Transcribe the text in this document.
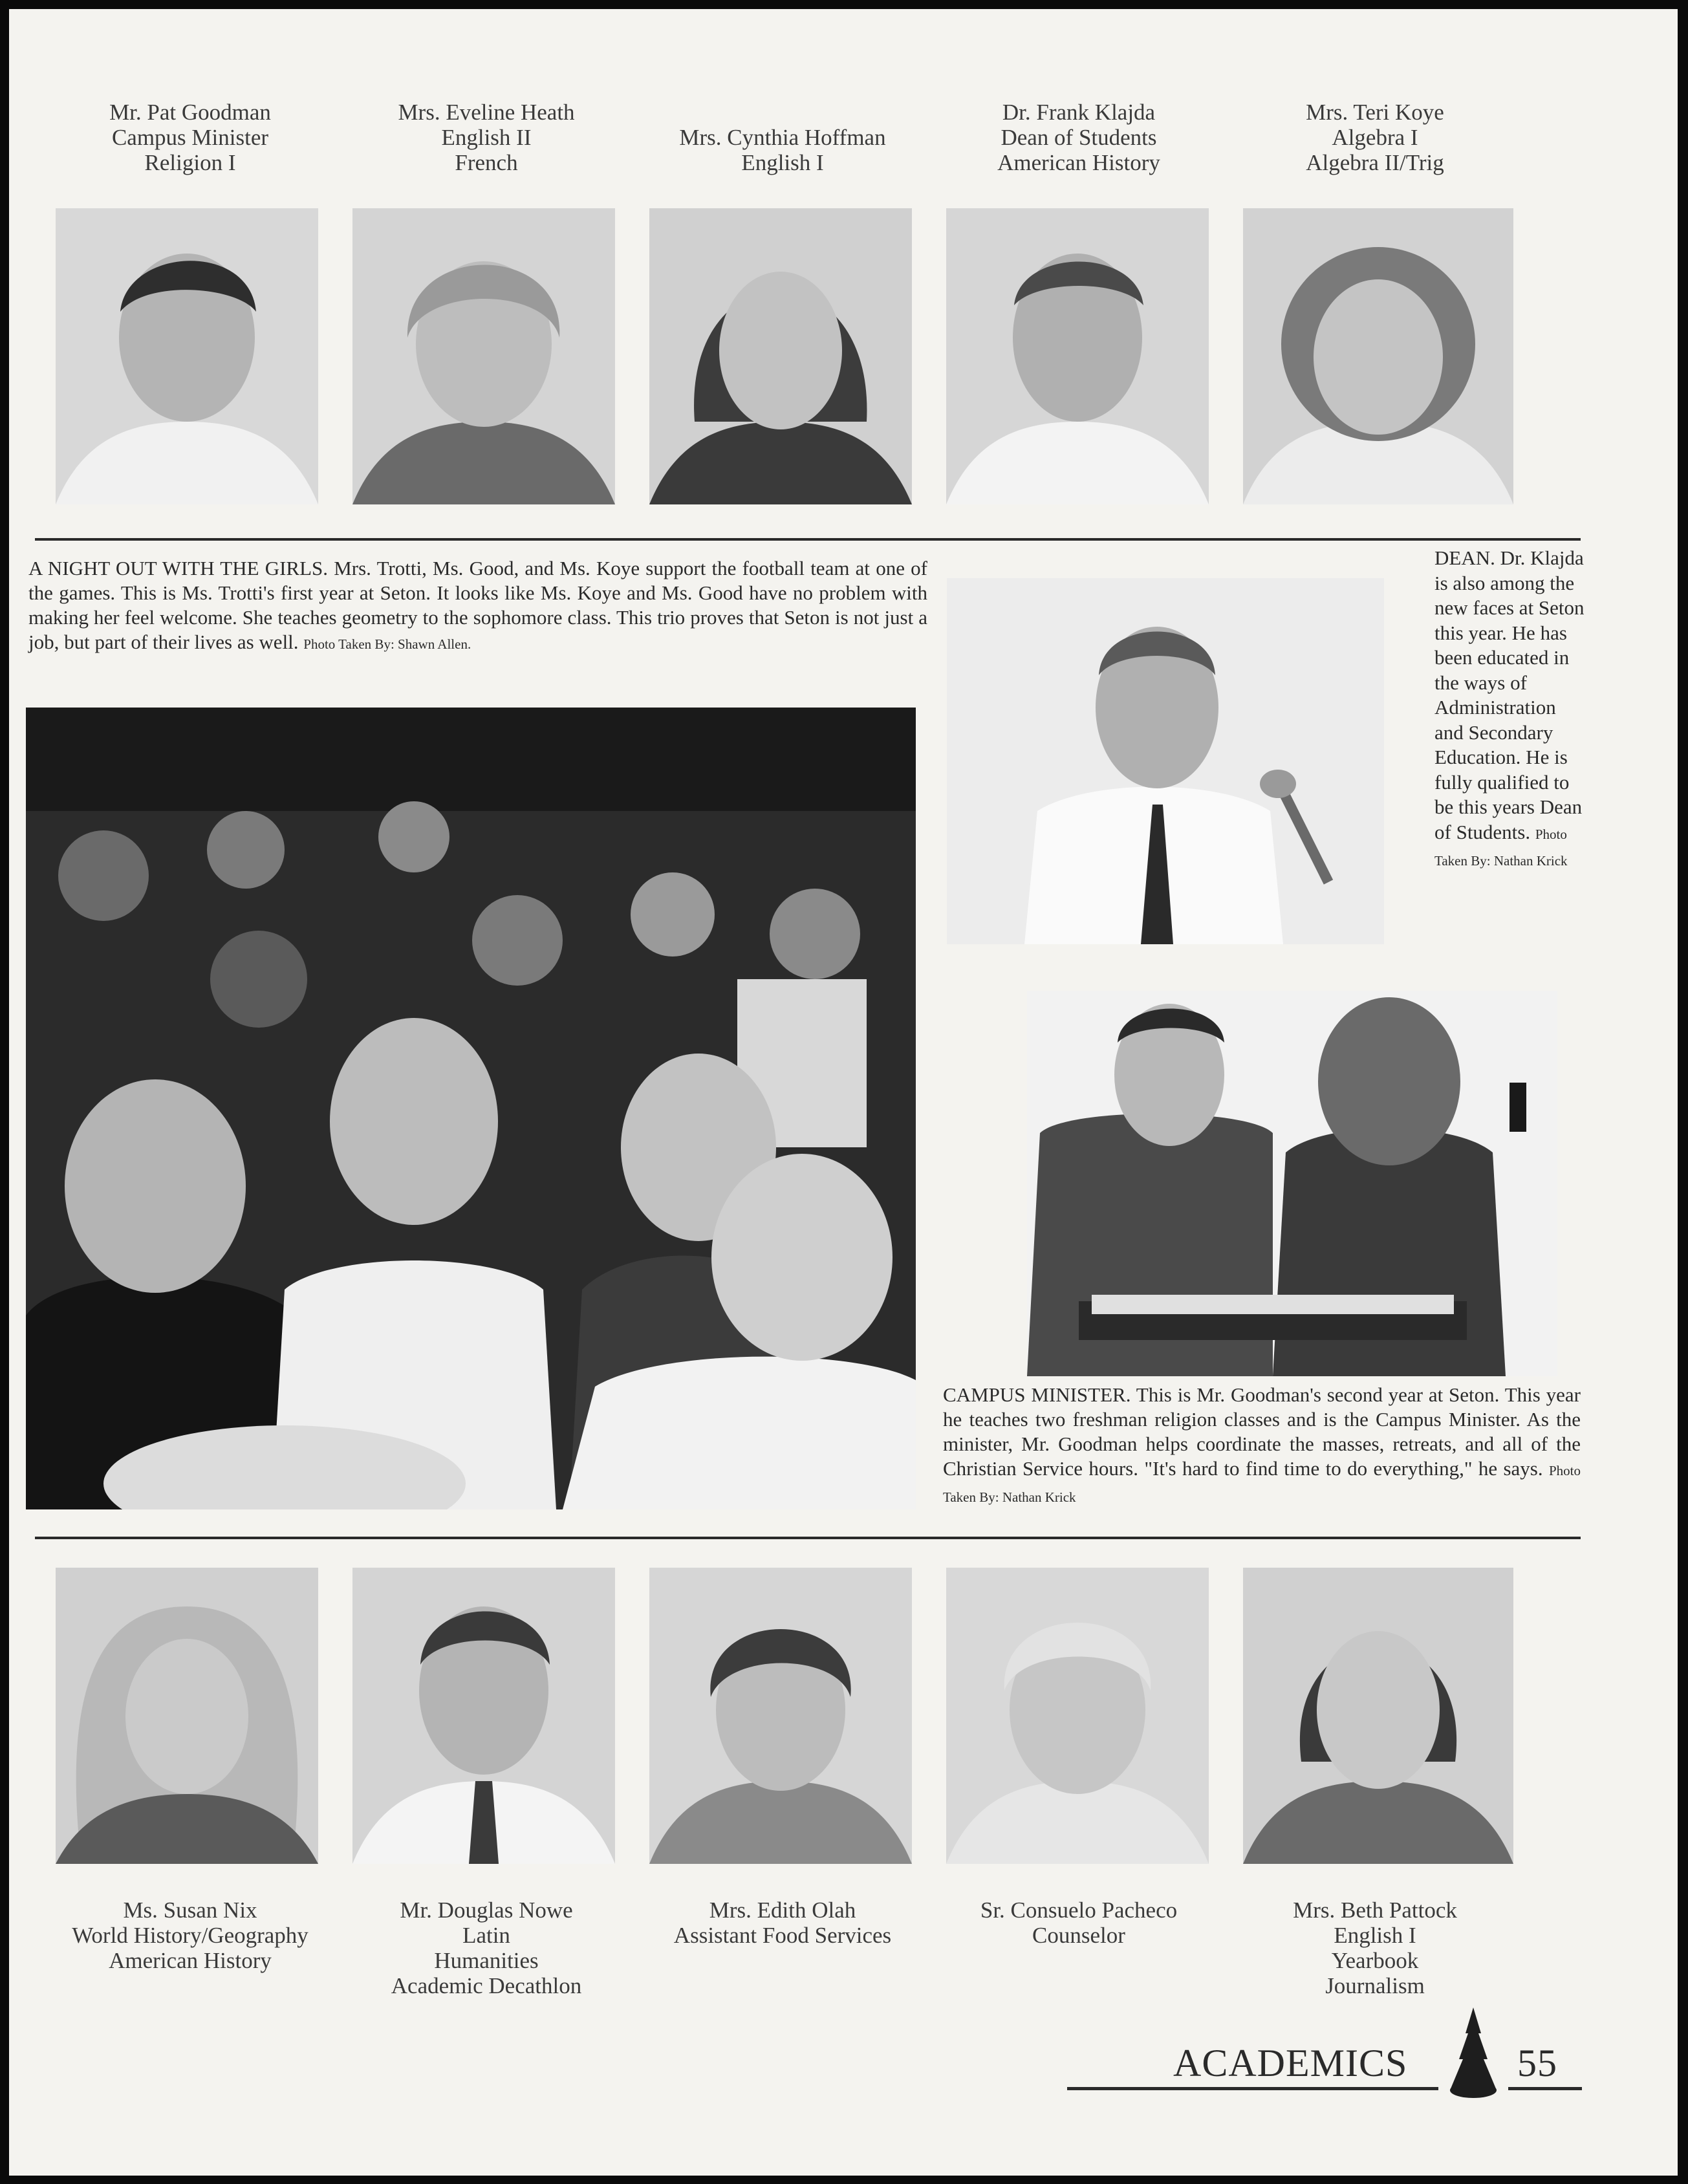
Mr. Pat Goodman
Campus Minister
Religion I
Mrs. Eveline Heath
English II
French
Mrs. Cynthia Hoffman
English I
Dr. Frank Klajda
Dean of Students
American History
Mrs. Teri Koye
Algebra I
Algebra II/Trig
A NIGHT OUT WITH THE GIRLS. Mrs. Trotti, Ms. Good, and Ms. Koye support the football team at one of the games. This is Ms. Trotti's first year at Seton. It looks like Ms. Koye and Ms. Good have no problem with making her feel welcome. She teaches geometry to the sophomore class. This trio proves that Seton is not just a job, but part of their lives as well. Photo Taken By: Shawn Allen.
DEAN. Dr. Klajda is also among the new faces at Seton this year. He has been educated in the ways of Administration and Secondary Education. He is fully qualified to be this years Dean of Students. Photo Taken By: Nathan Krick
CAMPUS MINISTER. This is Mr. Goodman's second year at Seton. This year he teaches two freshman religion classes and is the Campus Minister. As the minister, Mr. Goodman helps coordinate the masses, retreats, and all of the Christian Service hours. "It's hard to find time to do everything," he says. Photo Taken By: Nathan Krick
Ms. Susan Nix
World History/Geography
American History
Mr. Douglas Nowe
Latin
Humanities
Academic Decathlon
Mrs. Edith Olah
Assistant Food Services
Sr. Consuelo Pacheco
Counselor
Mrs. Beth Pattock
English I
Yearbook
Journalism
ACADEMICS	55
